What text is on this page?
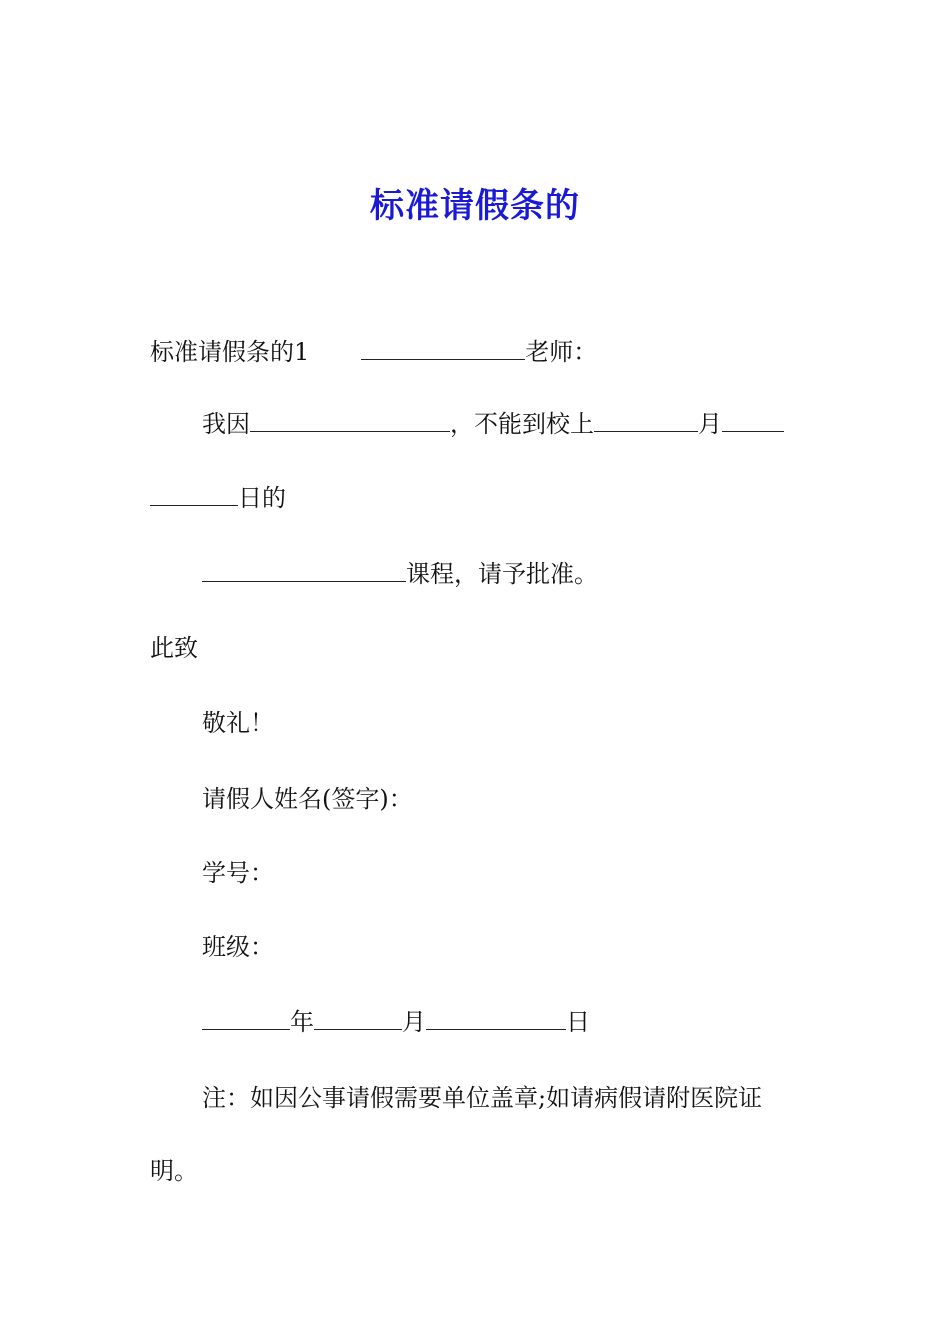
标准请假条的
标准请假条的1	老师：
我因	，不能到校上	月
日的
课程，请予批准。
此致
敬礼！
请假人姓名(签字)：
学号：
班级：
年	月	日
注：如因公事请假需要单位盖章;如请病假请附医院证
明。
